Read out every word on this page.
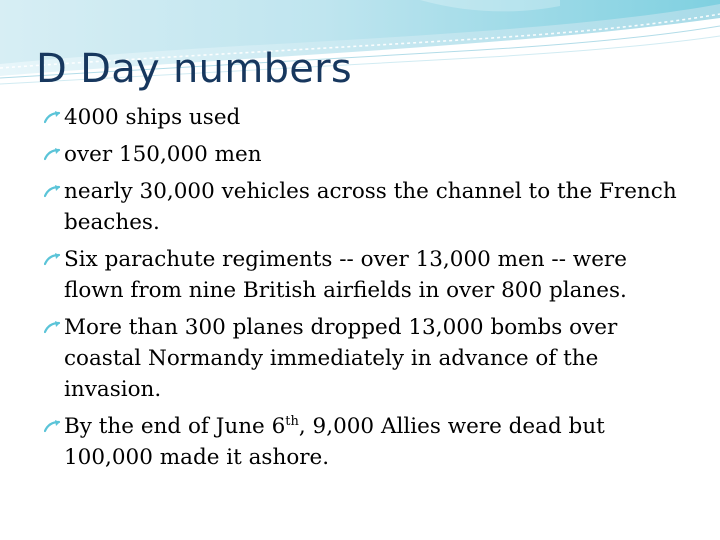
D Day numbers
4000 ships used
over 150,000 men
nearly 30,000 vehicles across the channel to the French beaches.
Six parachute regiments -- over 13,000 men -- were flown from nine British airfields in over 800 planes.
More than 300 planes dropped 13,000 bombs over coastal Normandy immediately in advance of the invasion.
By the end of June 6th, 9,000 Allies were dead but 100,000 made it ashore.
